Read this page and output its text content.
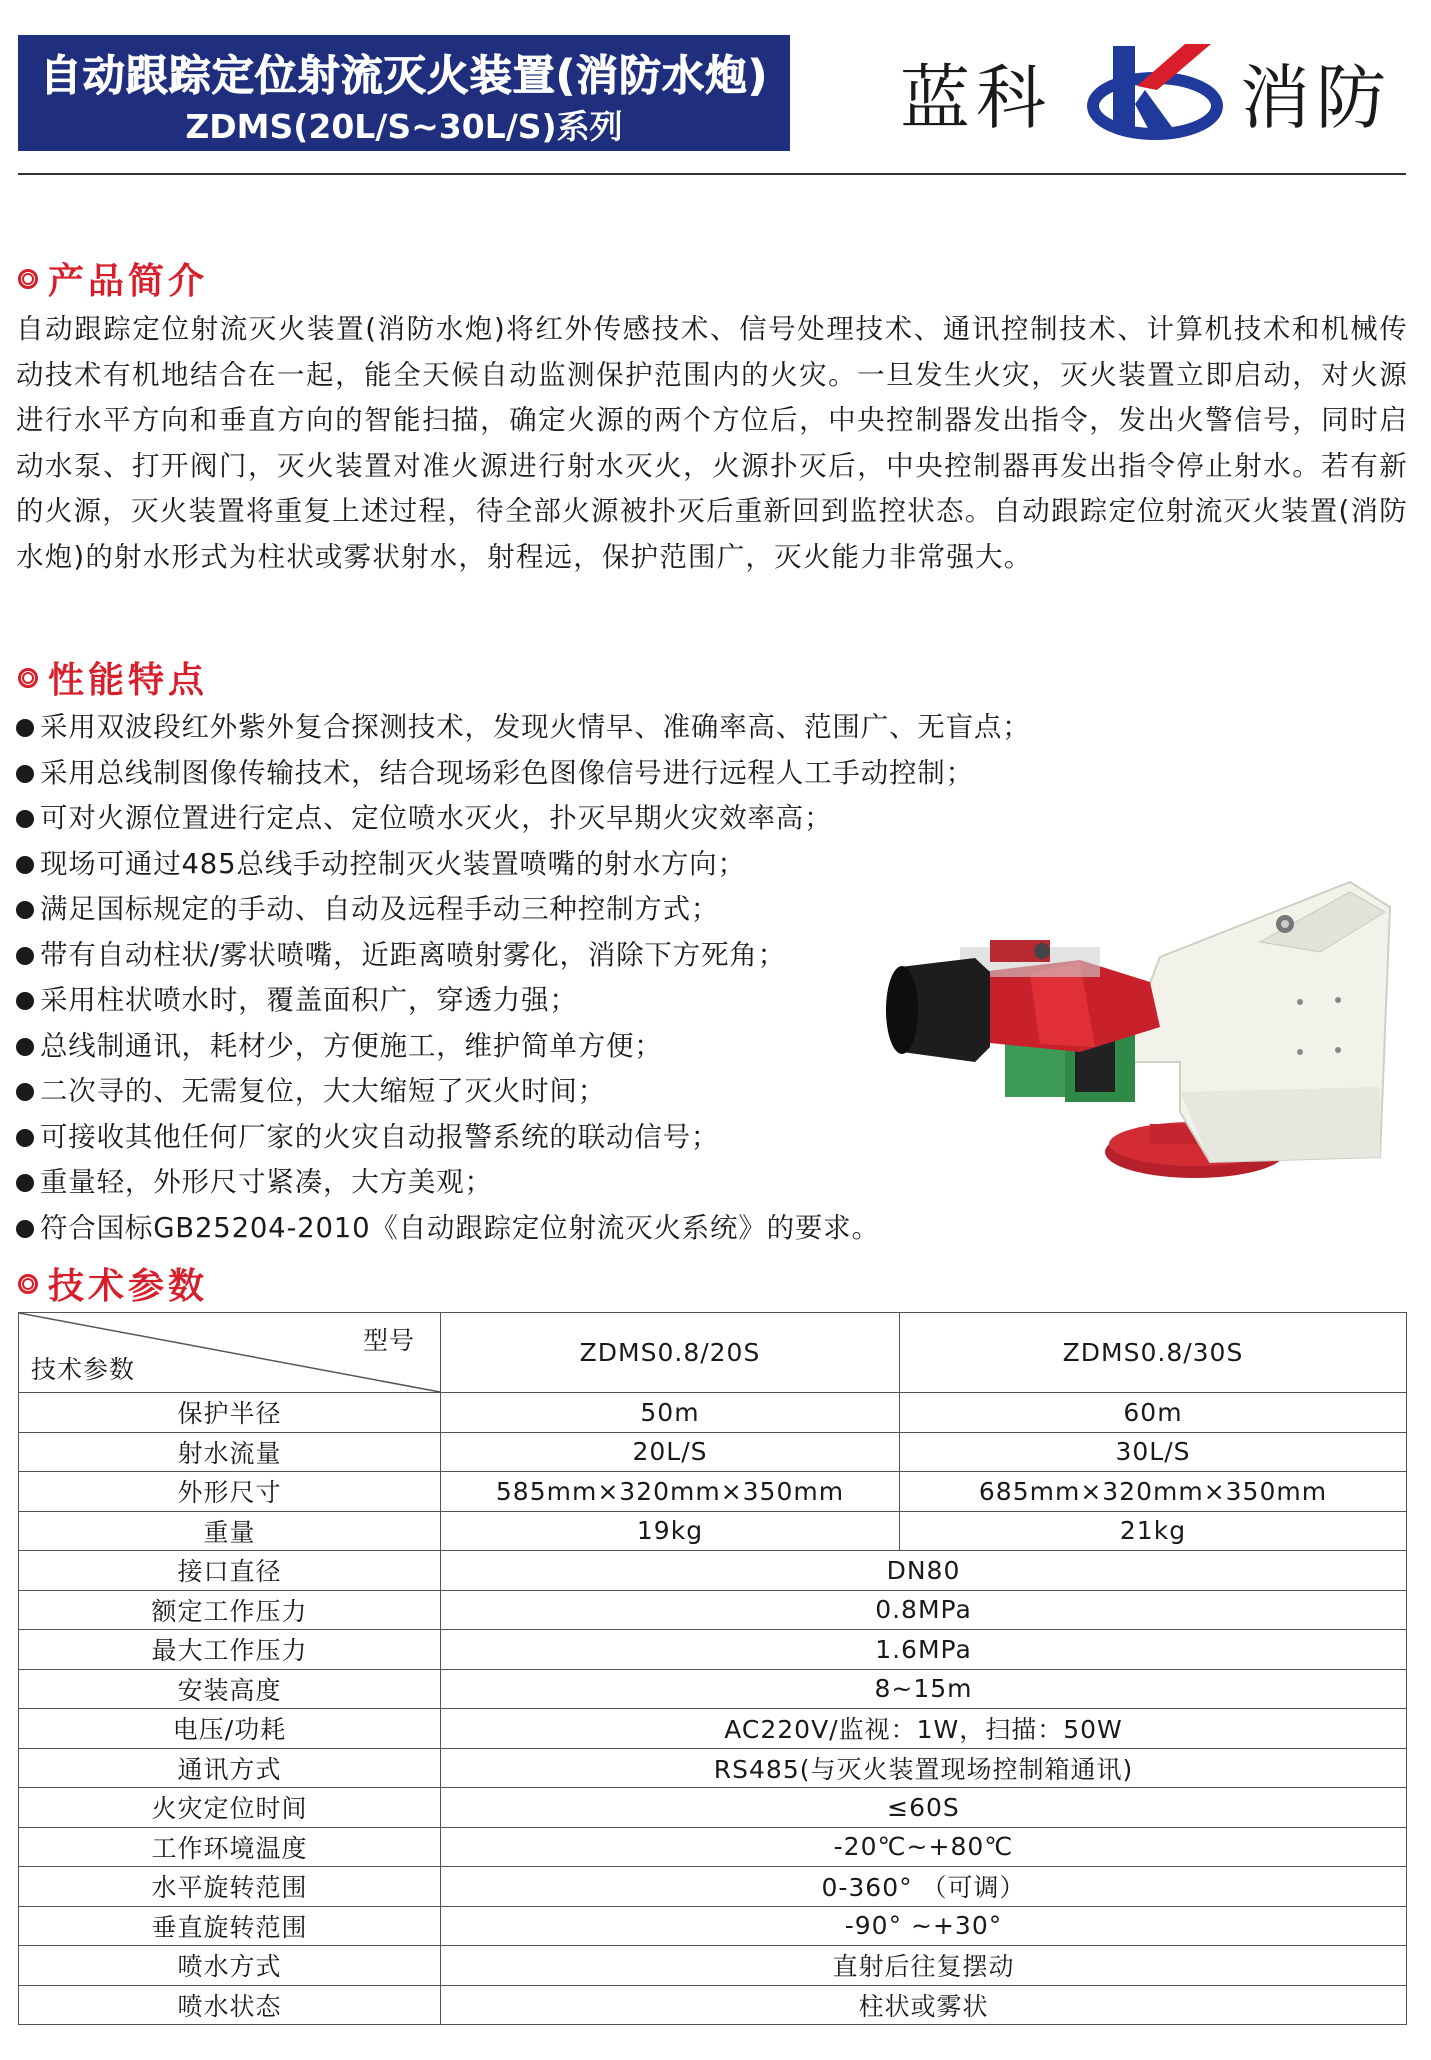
自动跟踪定位射流灭火装置(消防水炮)
ZDMS(20L/S~30L/S)系列	蓝科	消防
产品简介
自动跟踪定位射流灭火装置(消防水炮)将红外传感技术、信号处理技术、通讯控制技术、计算机技术和机械传动技术有机地结合在一起，能全天候自动监测保护范围内的火灾。一旦发生火灾，灭火装置立即启动，对火源进行水平方向和垂直方向的智能扫描，确定火源的两个方位后，中央控制器发出指令，发出火警信号，同时启动水泵、打开阀门，灭火装置对准火源进行射水灭火，火源扑灭后，中央控制器再发出指令停止射水。若有新的火源，灭火装置将重复上述过程，待全部火源被扑灭后重新回到监控状态。自动跟踪定位射流灭火装置(消防水炮)的射水形式为柱状或雾状射水，射程远，保护范围广，灭火能力非常强大。
性能特点
采用双波段红外紫外复合探测技术，发现火情早、准确率高、范围广、无盲点；
采用总线制图像传输技术，结合现场彩色图像信号进行远程人工手动控制；
可对火源位置进行定点、定位喷水灭火，扑灭早期火灾效率高；
现场可通过485总线手动控制灭火装置喷嘴的射水方向；
满足国标规定的手动、自动及远程手动三种控制方式；
带有自动柱状/雾状喷嘴，近距离喷射雾化，消除下方死角；
采用柱状喷水时，覆盖面积广，穿透力强；
总线制通讯，耗材少，方便施工，维护简单方便；
二次寻的、无需复位，大大缩短了灭火时间；
可接收其他任何厂家的火灾自动报警系统的联动信号；
重量轻，外形尺寸紧凑，大方美观；
符合国标GB25204-2010《自动跟踪定位射流灭火系统》的要求。
技术参数
型号
技术参数	ZDMS0.8/20S	ZDMS0.8/30S
保护半径	50m	60m
射水流量	20L/S	30L/S
外形尺寸	585mm×320mm×350mm	685mm×320mm×350mm
重量	19kg	21kg
接口直径	DN80	
额定工作压力	0.8MPa	
最大工作压力	1.6MPa	
安装高度	8~15m	
电压/功耗	AC220V/监视：1W，扫描：50W	
通讯方式	RS485(与灭火装置现场控制箱通讯)	
火灾定位时间	≤60S	
工作环境温度	-20℃~+80℃	
水平旋转范围	0-360° （可调）	
垂直旋转范围	-90° ~+30°	
喷水方式	直射后往复摆动	
喷水状态	柱状或雾状	
